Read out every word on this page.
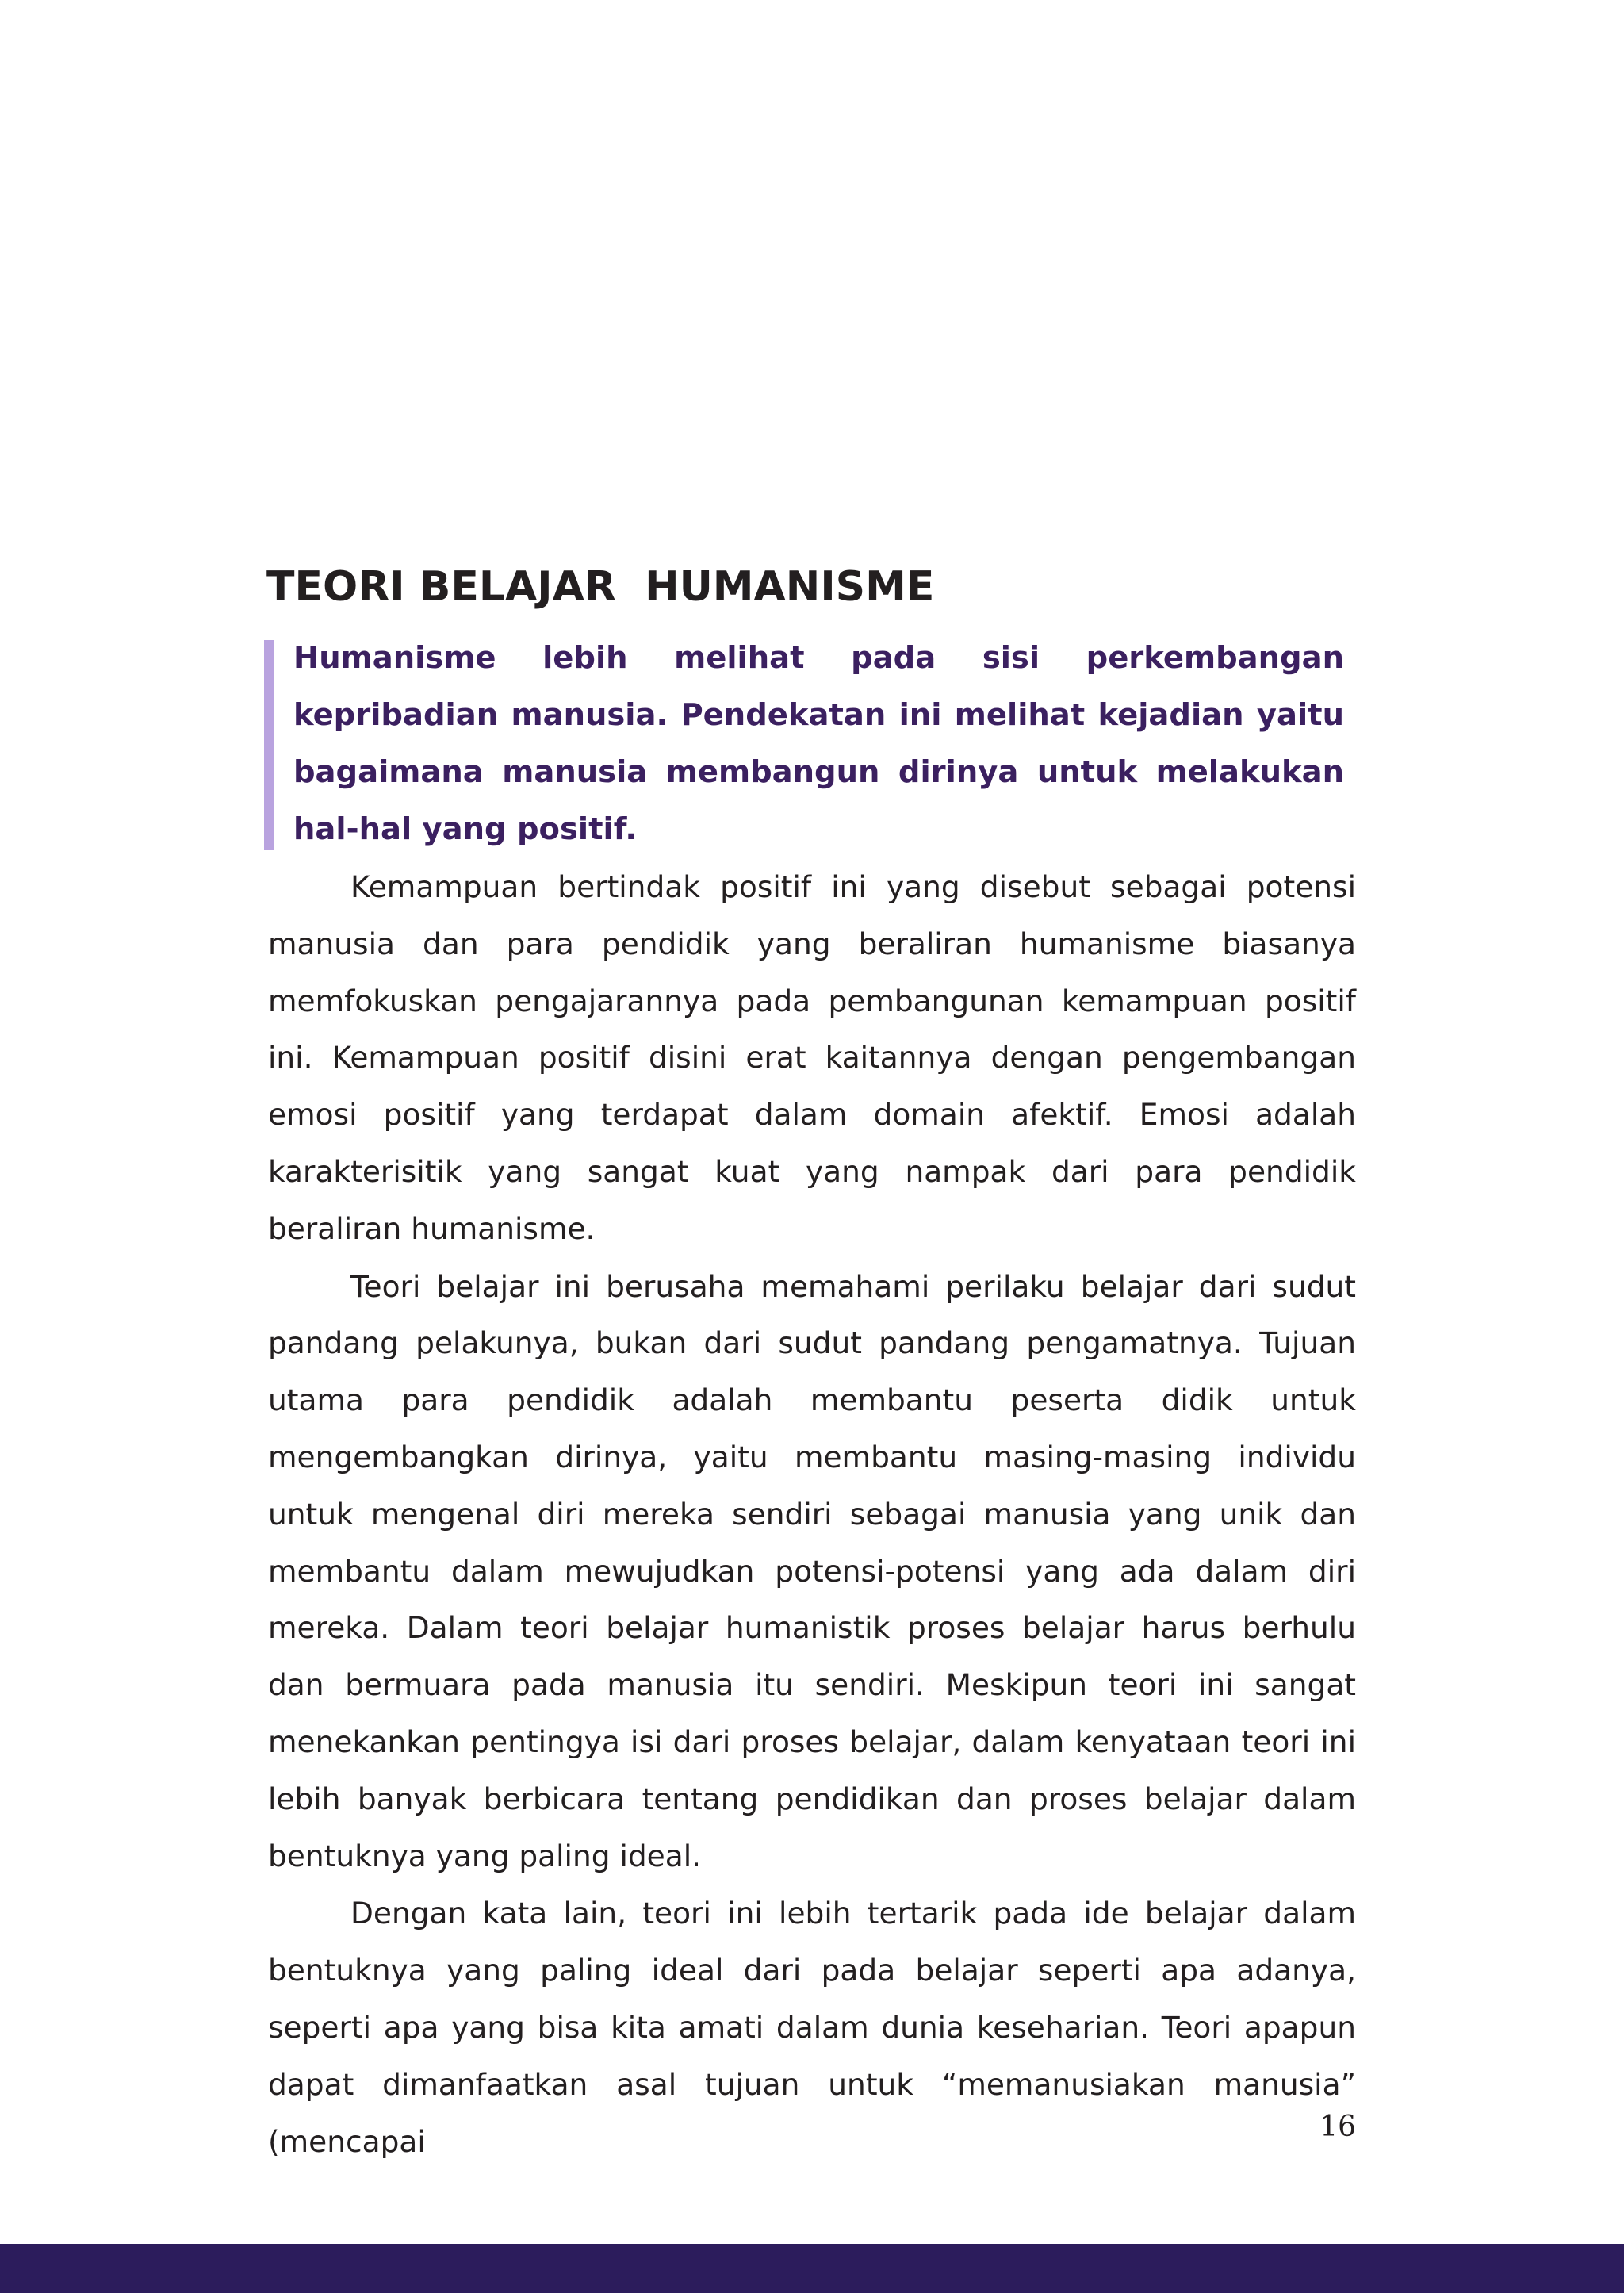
TEORI BELAJAR  HUMANISME

Humanisme lebih melihat pada sisi perkembangan kepribadian manusia. Pendekatan ini melihat kejadian yaitu bagaimana manusia membangun dirinya untuk melakukan hal-hal yang positif.

Kemampuan bertindak positif ini yang disebut sebagai potensi manusia dan para pendidik yang beraliran humanisme biasanya memfokuskan pengajarannya pada pembangunan kemampuan positif ini. Kemampuan positif disini erat kaitannya dengan pengembangan emosi positif yang terdapat dalam domain afektif. Emosi adalah karakterisitik yang sangat kuat yang nampak dari para pendidik beraliran humanisme.

Teori belajar ini berusaha memahami perilaku belajar dari sudut pandang pelakunya, bukan dari sudut pandang pengamatnya. Tujuan utama para pendidik adalah membantu peserta didik untuk mengembangkan dirinya, yaitu membantu masing-masing individu untuk mengenal diri mereka sendiri sebagai manusia yang unik dan membantu dalam mewujudkan potensi-potensi yang ada dalam diri mereka. Dalam teori belajar humanistik proses belajar harus berhulu dan bermuara pada manusia itu sendiri. Meskipun teori ini sangat menekankan pentingya isi dari proses belajar, dalam kenyataan teori ini lebih banyak berbicara tentang pendidikan dan proses belajar dalam bentuknya yang paling ideal.

Dengan kata lain, teori ini lebih tertarik pada ide belajar dalam bentuknya yang paling ideal dari pada belajar seperti apa adanya, seperti apa yang bisa kita amati dalam dunia keseharian. Teori apapun dapat dimanfaatkan asal tujuan untuk “memanusiakan manusia” (mencapai	16
